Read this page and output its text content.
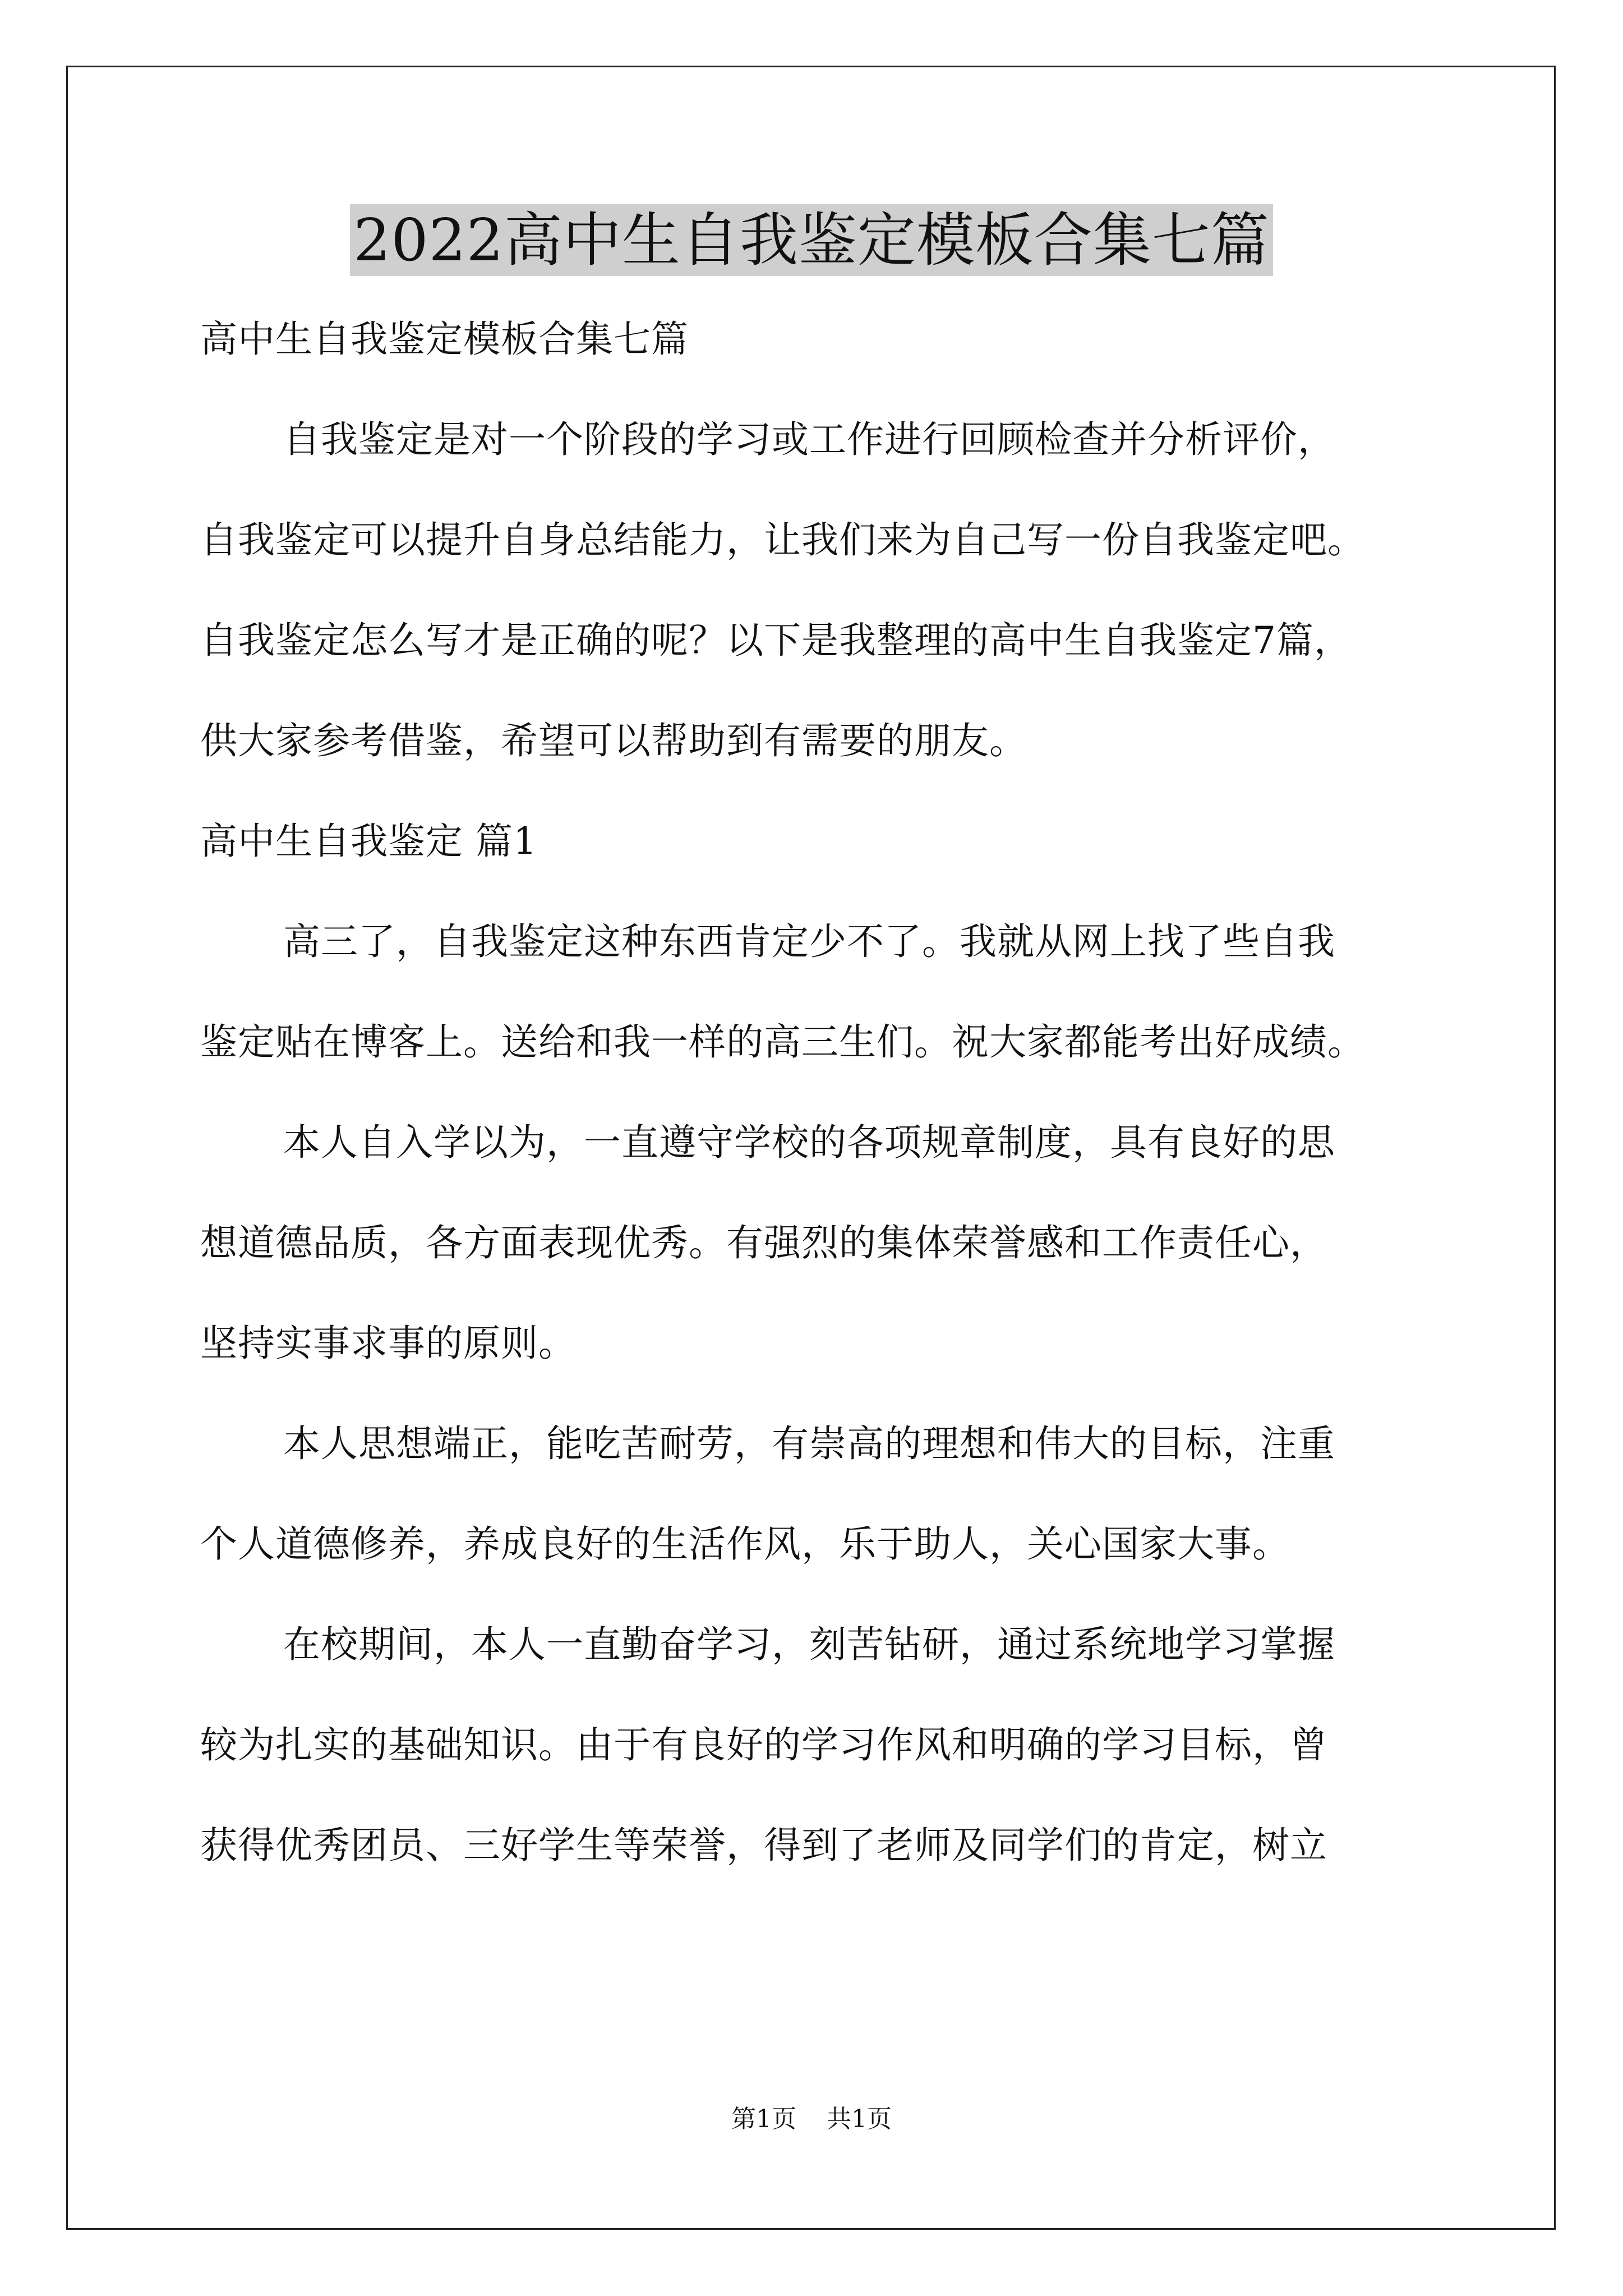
2022高中生自我鉴定模板合集七篇
高中生自我鉴定模板合集七篇
自我鉴定是对一个阶段的学习或工作进行回顾检查并分析评价，
自我鉴定可以提升自身总结能力，让我们来为自己写一份自我鉴定吧。
自我鉴定怎么写才是正确的呢？以下是我整理的高中生自我鉴定7篇，
供大家参考借鉴，希望可以帮助到有需要的朋友。
高中生自我鉴定 篇1
高三了，自我鉴定这种东西肯定少不了。我就从网上找了些自我
鉴定贴在博客上。送给和我一样的高三生们。祝大家都能考出好成绩。
本人自入学以为，一直遵守学校的各项规章制度，具有良好的思
想道德品质，各方面表现优秀。有强烈的集体荣誉感和工作责任心，
坚持实事求事的原则。
本人思想端正，能吃苦耐劳，有崇高的理想和伟大的目标，注重
个人道德修养，养成良好的生活作风，乐于助人，关心国家大事。
在校期间，本人一直勤奋学习，刻苦钻研，通过系统地学习掌握
较为扎实的基础知识。由于有良好的学习作风和明确的学习目标，曾
获得优秀团员、三好学生等荣誉，得到了老师及同学们的肯定，树立
第1页 共1页
